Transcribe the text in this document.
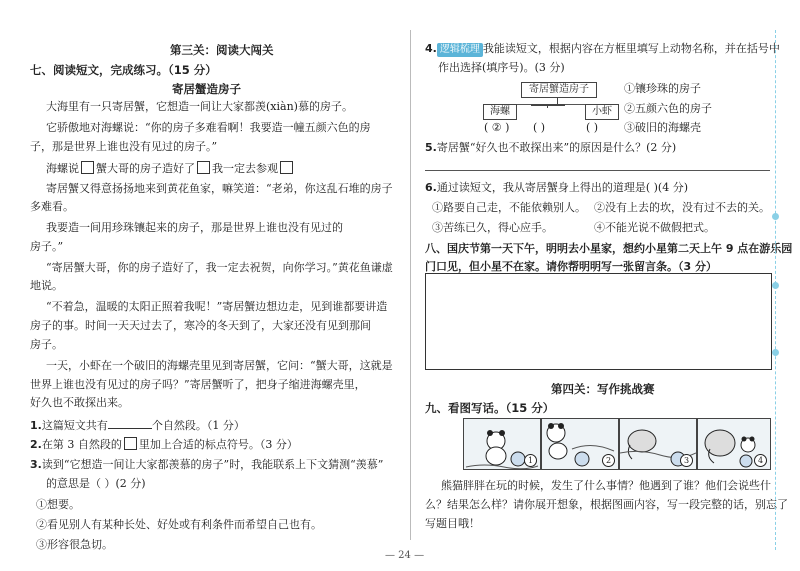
第三关：阅读大闯关
七、阅读短文，完成练习。（15 分）
寄居蟹造房子
大海里有一只寄居蟹，它想造一间让大家都羡(xiàn)慕的房子。
它骄傲地对海螺说：“你的房子多难看啊！我要造一幢五颜六色的房
子，那是世界上谁也没有见过的房子。”
海螺说 蟹大哥的房子造好了 我一定去参观
寄居蟹又得意扬扬地来到黄花鱼家，嘛笑道：“老弟，你这乱石堆的房子
多难看。
我要造一间用珍珠镶起来的房子，那是世界上谁也没有见过的
房子。”
“寄居蟹大哥，你的房子造好了，我一定去祝贺，向你学习。”黄花鱼谦虚
地说。
“不着急，温暖的太阳正照着我呢！”寄居蟹边想边走，见到谁都要讲造
房子的事。时间一天天过去了，寒冷的冬天到了，大家还没有见到那间
房子。
一天，小虾在一个破旧的海螺壳里见到寄居蟹，它问：“蟹大哥，这就是
世界上谁也没有见过的房子吗？”寄居蟹听了，把身子缩进海螺壳里，
好久也不敢探出来。
1.这篇短文共有	个自然段。（1 分）
2.在第 3 自然段的 里加上合适的标点符号。（3 分）
3.读到“它想造一间让大家都羡慕的房子”时，我能联系上下文猜测“羡慕”
的意思是（ ）(2 分)
①想要。
②看见别人有某种长处、好处或有利条件而希望自己也有。
③形容很急切。
4. 逻辑梳理 我能读短文，根据内容在方框里填写上动物名称，并在括号中
作出选择(填序号)。(3 分)
寄居蟹造房子
海螺	小虾
( ② ) ( )	( )
①镶珍珠的房子
②五颜六色的房子
③破旧的海螺壳
5.寄居蟹“好久也不敢探出来”的原因是什么？(2 分)
6.通过读短文，我从寄居蟹身上得出的道理是( )(4 分)
①路要自己走，不能依赖别人。 ②没有上去的坎，没有过不去的关。
③苦练已久，得心应手。	④不能光说不做假把式。
八、国庆节第一天下午，明明去小星家，想约小星第二天上午 9 点在游乐园
门口见，但小星不在家。请你帮明明写一张留言条。（3 分）
第四关：写作挑战赛
九、看图写话。（15 分）
1	2	3	4
熊猫胖胖在玩的时候，发生了什么事情？他遇到了谁？他们会说些什
么？结果怎么样？请你展开想象，根据图画内容，写一段完整的话，别忘了
写题目哦！
— 24 —
